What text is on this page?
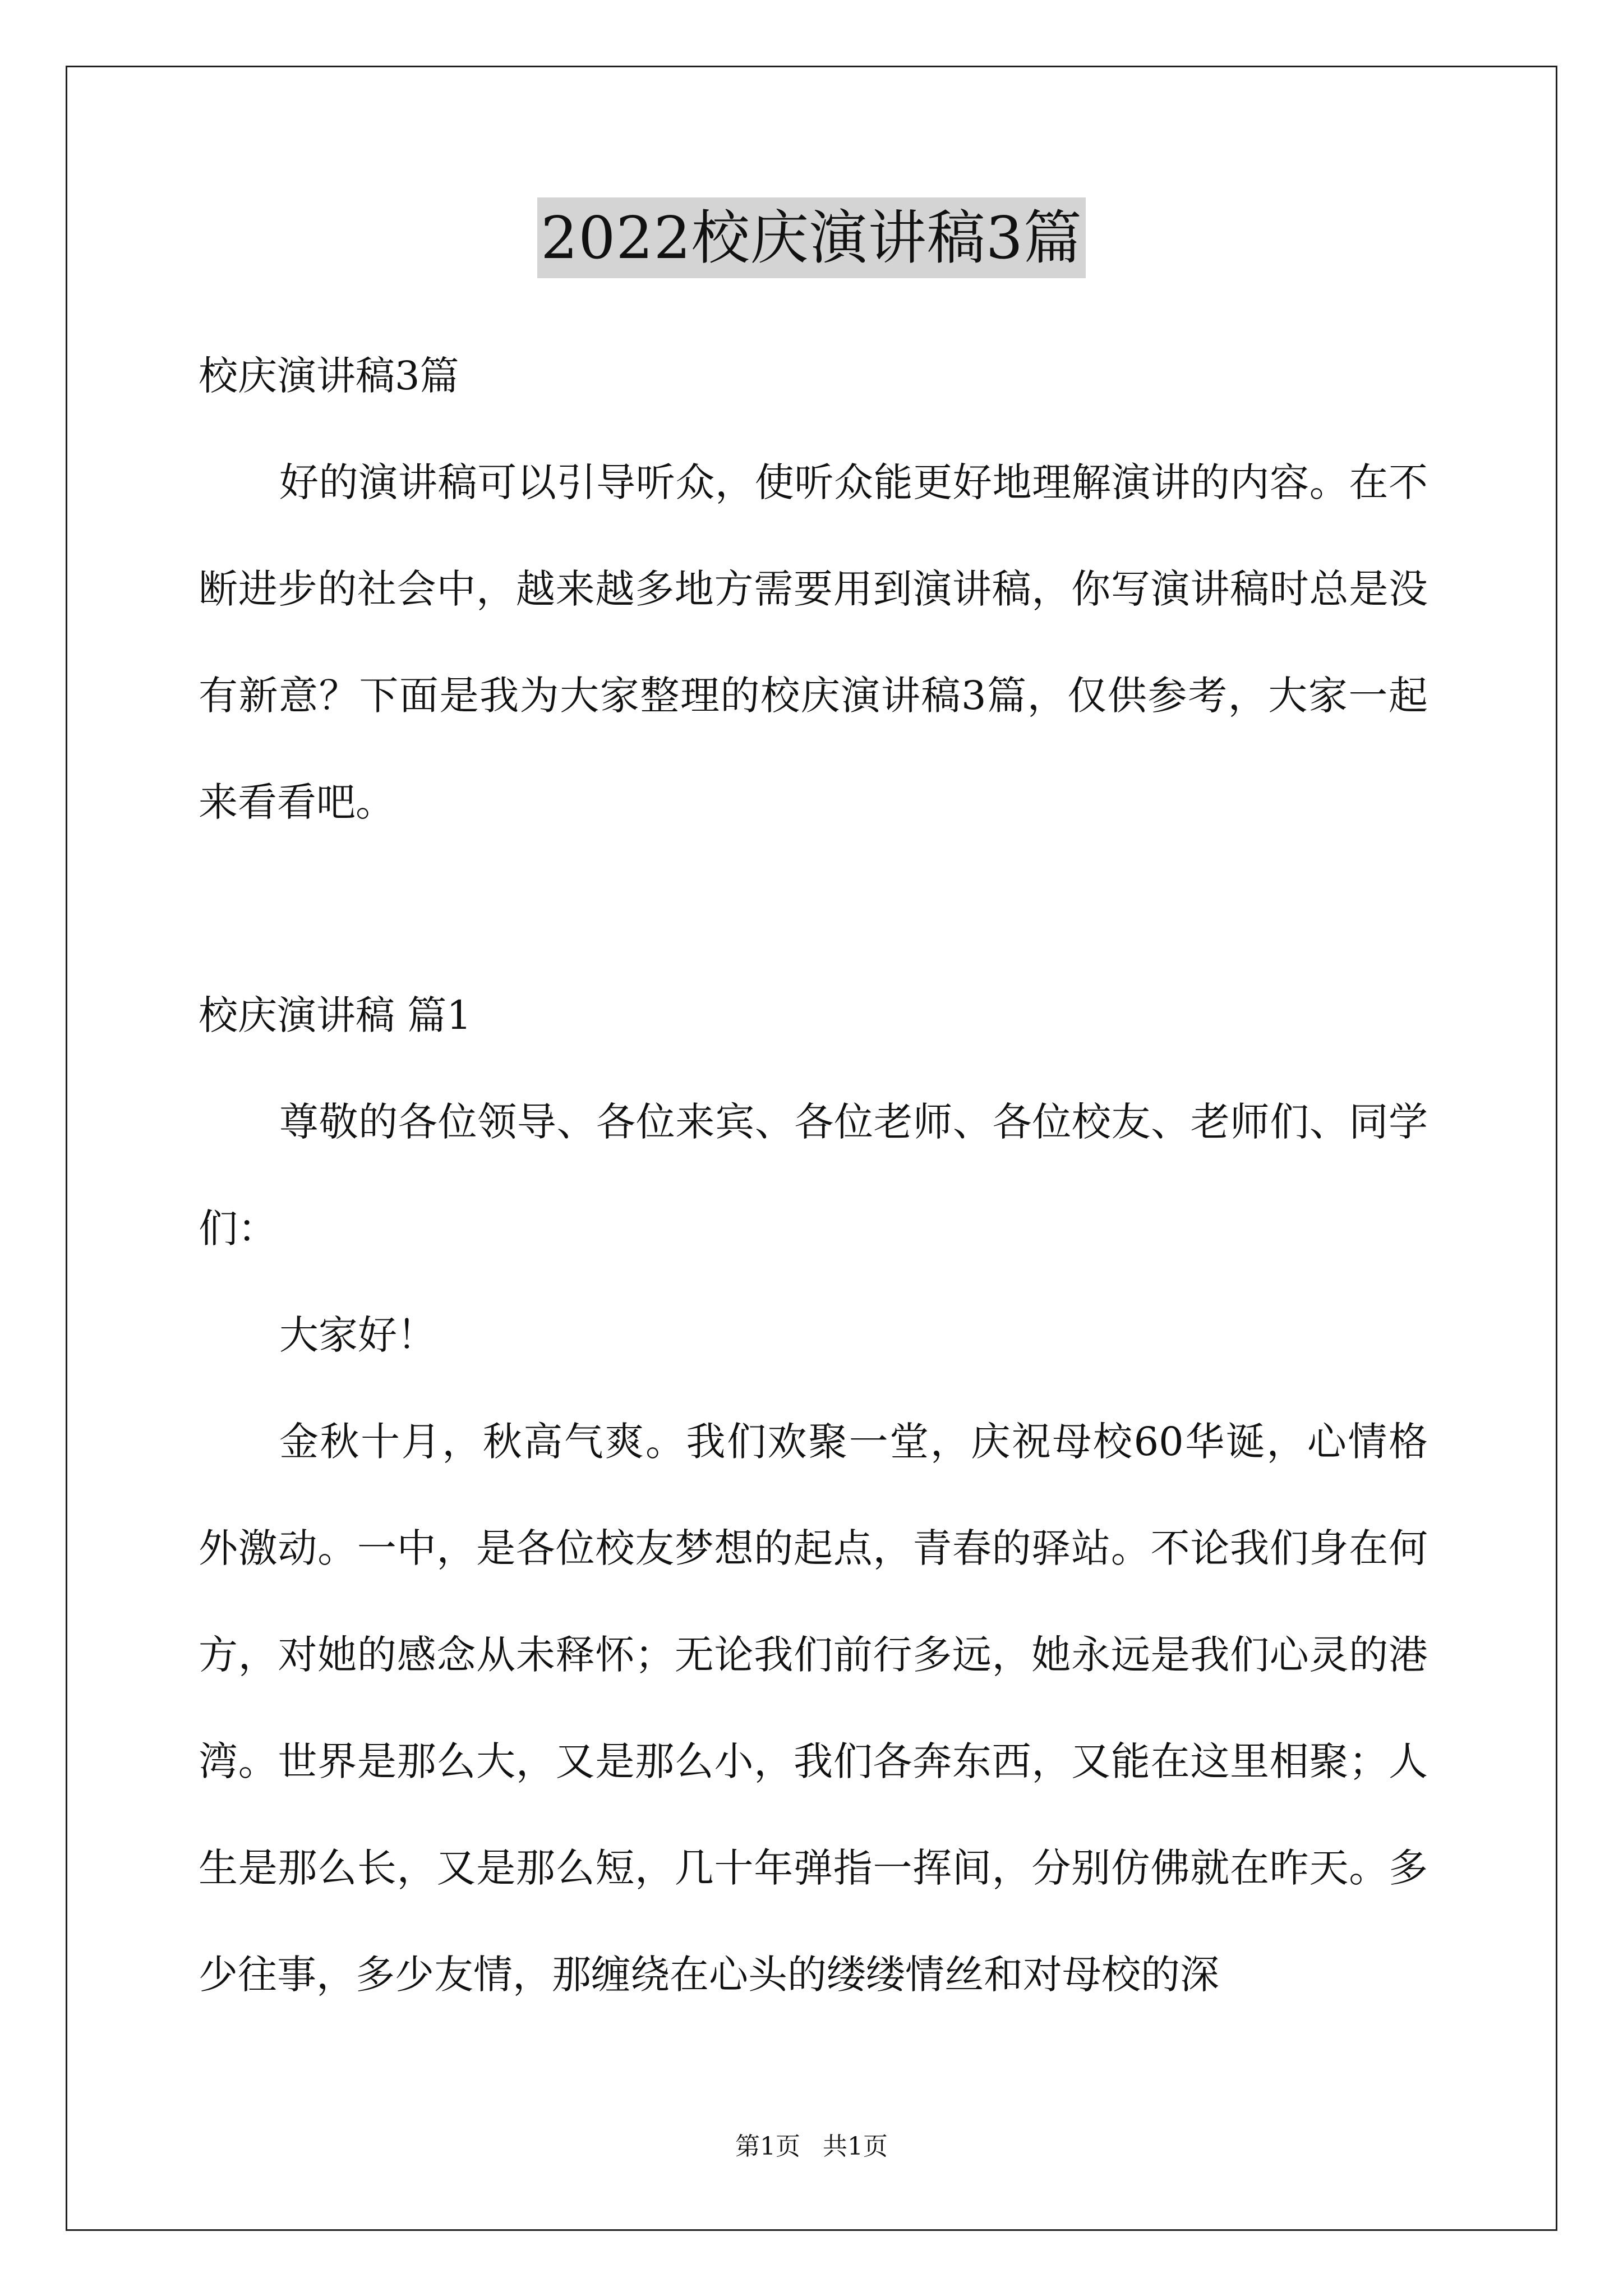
2022校庆演讲稿3篇

校庆演讲稿3篇

好的演讲稿可以引导听众，使听众能更好地理解演讲的内容。在不断进步的社会中，越来越多地方需要用到演讲稿，你写演讲稿时总是没有新意？下面是我为大家整理的校庆演讲稿3篇，仅供参考，大家一起来看看吧。

校庆演讲稿 篇1

尊敬的各位领导、各位来宾、各位老师、各位校友、老师们、同学们：

大家好！

金秋十月，秋高气爽。我们欢聚一堂，庆祝母校60华诞，心情格外激动。一中，是各位校友梦想的起点，青春的驿站。不论我们身在何方，对她的感念从未释怀；无论我们前行多远，她永远是我们心灵的港湾。世界是那么大，又是那么小，我们各奔东西，又能在这里相聚；人生是那么长，又是那么短，几十年弹指一挥间，分别仿佛就在昨天。多少往事，多少友情，那缠绕在心头的缕缕情丝和对母校的深

第1页 共1页
